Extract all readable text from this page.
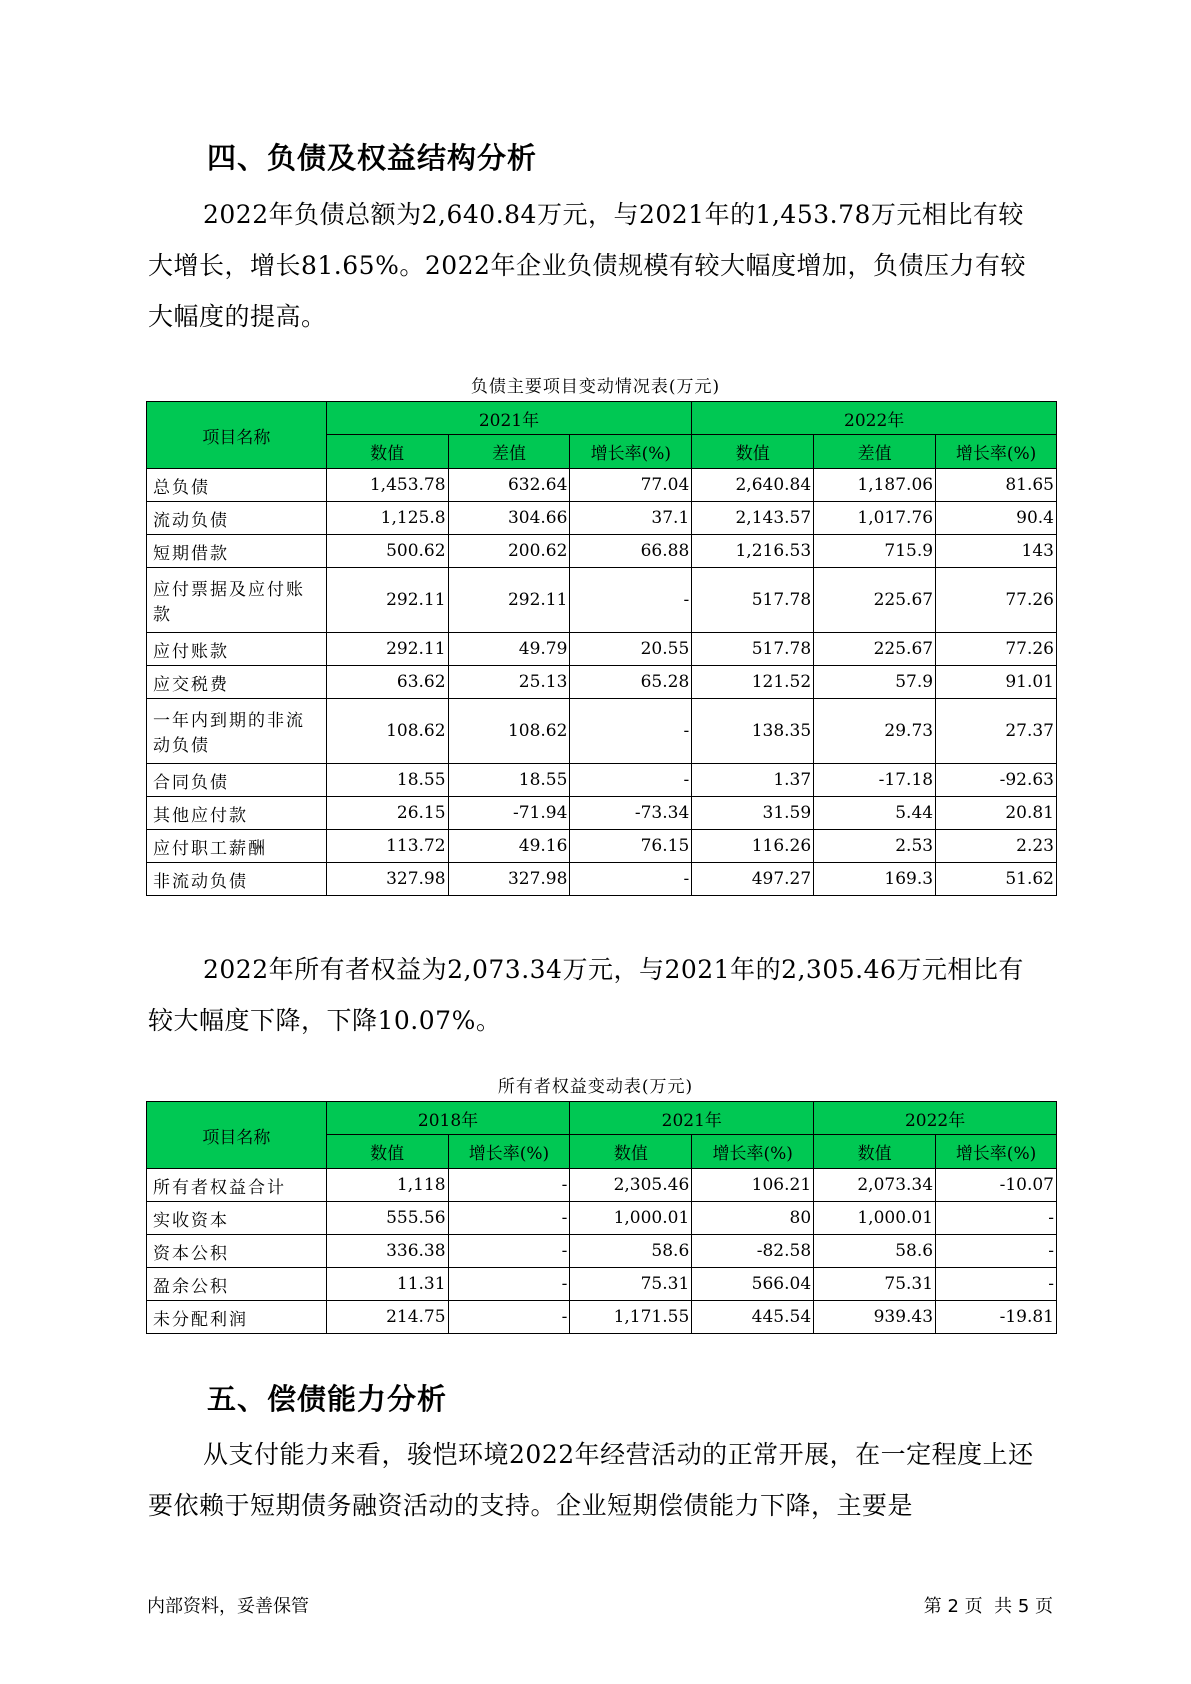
四、负债及权益结构分析

2022年负债总额为2,640.84万元，与2021年的1,453.78万元相比有较大增长，增长81.65%。2022年企业负债规模有较大幅度增加，负债压力有较大幅度的提高。

负债主要项目变动情况表(万元)
项目名称	2021年			2022年		
	数值	差值	增长率(%)	数值	差值	增长率(%)
总负债	1,453.78	632.64	77.04	2,640.84	1,187.06	81.65
流动负债	1,125.8	304.66	37.1	2,143.57	1,017.76	90.4
短期借款	500.62	200.62	66.88	1,216.53	715.9	143
应付票据及应付账款	292.11	292.11	-	517.78	225.67	77.26
应付账款	292.11	49.79	20.55	517.78	225.67	77.26
应交税费	63.62	25.13	65.28	121.52	57.9	91.01
一年内到期的非流动负债	108.62	108.62	-	138.35	29.73	27.37
合同负债	18.55	18.55	-	1.37	-17.18	-92.63
其他应付款	26.15	-71.94	-73.34	31.59	5.44	20.81
应付职工薪酬	113.72	49.16	76.15	116.26	2.53	2.23
非流动负债	327.98	327.98	-	497.27	169.3	51.62

2022年所有者权益为2,073.34万元，与2021年的2,305.46万元相比有较大幅度下降，下降10.07%。

所有者权益变动表(万元)
项目名称	2018年		2021年		2022年	
	数值	增长率(%)	数值	增长率(%)	数值	增长率(%)
所有者权益合计	1,118	-	2,305.46	106.21	2,073.34	-10.07
实收资本	555.56	-	1,000.01	80	1,000.01	-
资本公积	336.38	-	58.6	-82.58	58.6	-
盈余公积	11.31	-	75.31	566.04	75.31	-
未分配利润	214.75	-	1,171.55	445.54	939.43	-19.81
五、偿债能力分析

从支付能力来看，骏恺环境2022年经营活动的正常开展，在一定程度上还要依赖于短期债务融资活动的支持。企业短期偿债能力下降，主要是

内部资料，妥善保管	第 2 页  共 5 页
